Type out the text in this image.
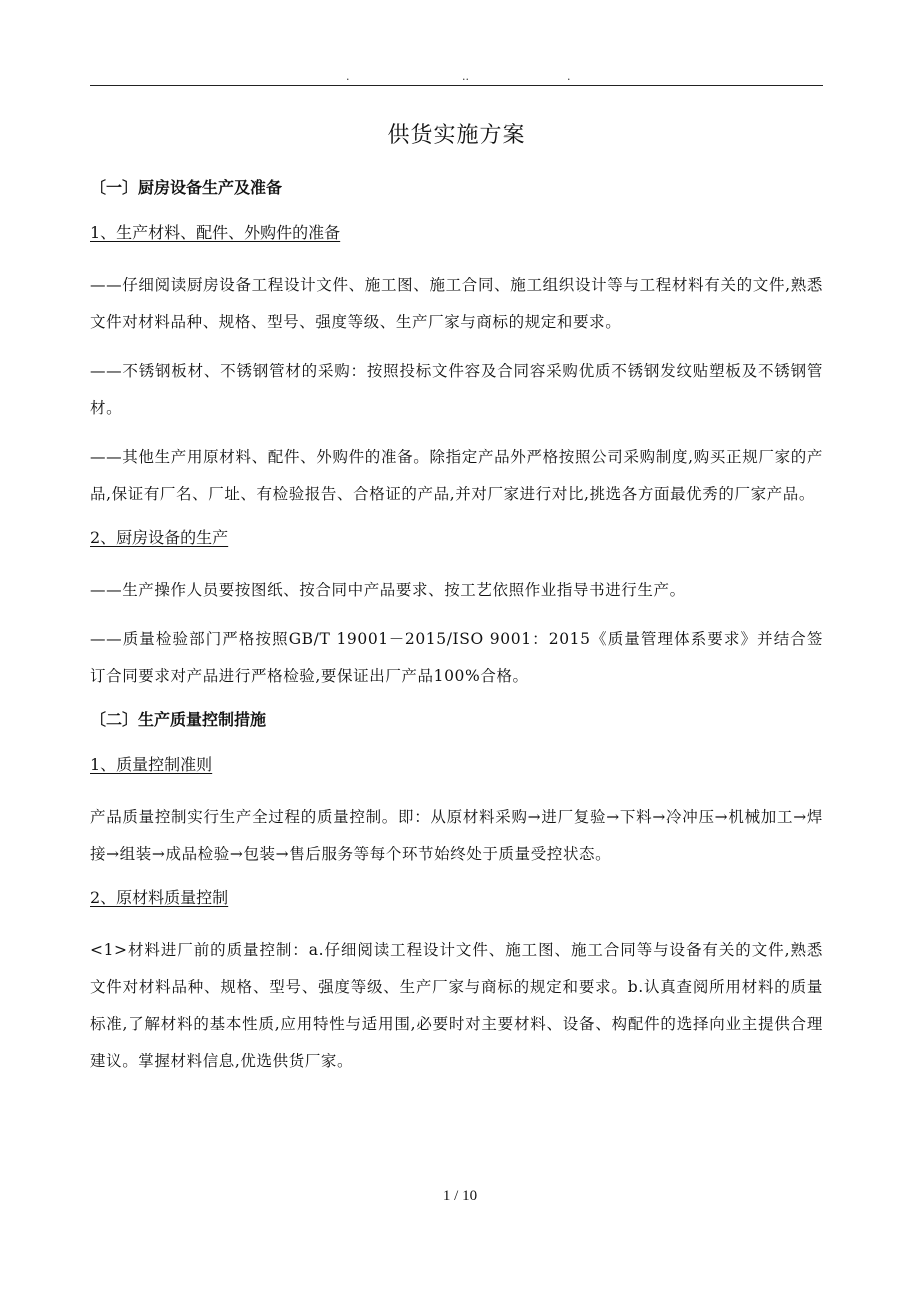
.	..	.
供货实施方案
〔一〕厨房设备生产及准备
1、生产材料、配件、外购件的准备

——仔细阅读厨房设备工程设计文件、施工图、施工合同、施工组织设计等与工程材料有关的文件,熟悉文件对材料品种、规格、型号、强度等级、生产厂家与商标的规定和要求。

——不锈钢板材、不锈钢管材的采购：按照投标文件容及合同容采购优质不锈钢发纹贴塑板及不锈钢管材。

——其他生产用原材料、配件、外购件的准备。除指定产品外严格按照公司采购制度,购买正规厂家的产品,保证有厂名、厂址、有检验报告、合格证的产品,并对厂家进行对比,挑选各方面最优秀的厂家产品。

2、厨房设备的生产

——生产操作人员要按图纸、按合同中产品要求、按工艺依照作业指导书进行生产。

——质量检验部门严格按照GB/T 19001－2015/ISO 9001：2015《质量管理体系要求》并结合签订合同要求对产品进行严格检验,要保证出厂产品100%合格。

〔二〕生产质量控制措施
1、质量控制准则

产品质量控制实行生产全过程的质量控制。即：从原材料采购→进厂复验→下料→冷冲压→机械加工→焊接→组装→成品检验→包装→售后服务等每个环节始终处于质量受控状态。

2、原材料质量控制

<1>材料进厂前的质量控制：a.仔细阅读工程设计文件、施工图、施工合同等与设备有关的文件,熟悉文件对材料品种、规格、型号、强度等级、生产厂家与商标的规定和要求。b.认真查阅所用材料的质量标准,了解材料的基本性质,应用特性与适用围,必要时对主要材料、设备、构配件的选择向业主提供合理建议。掌握材料信息,优选供货厂家。

1 / 10
